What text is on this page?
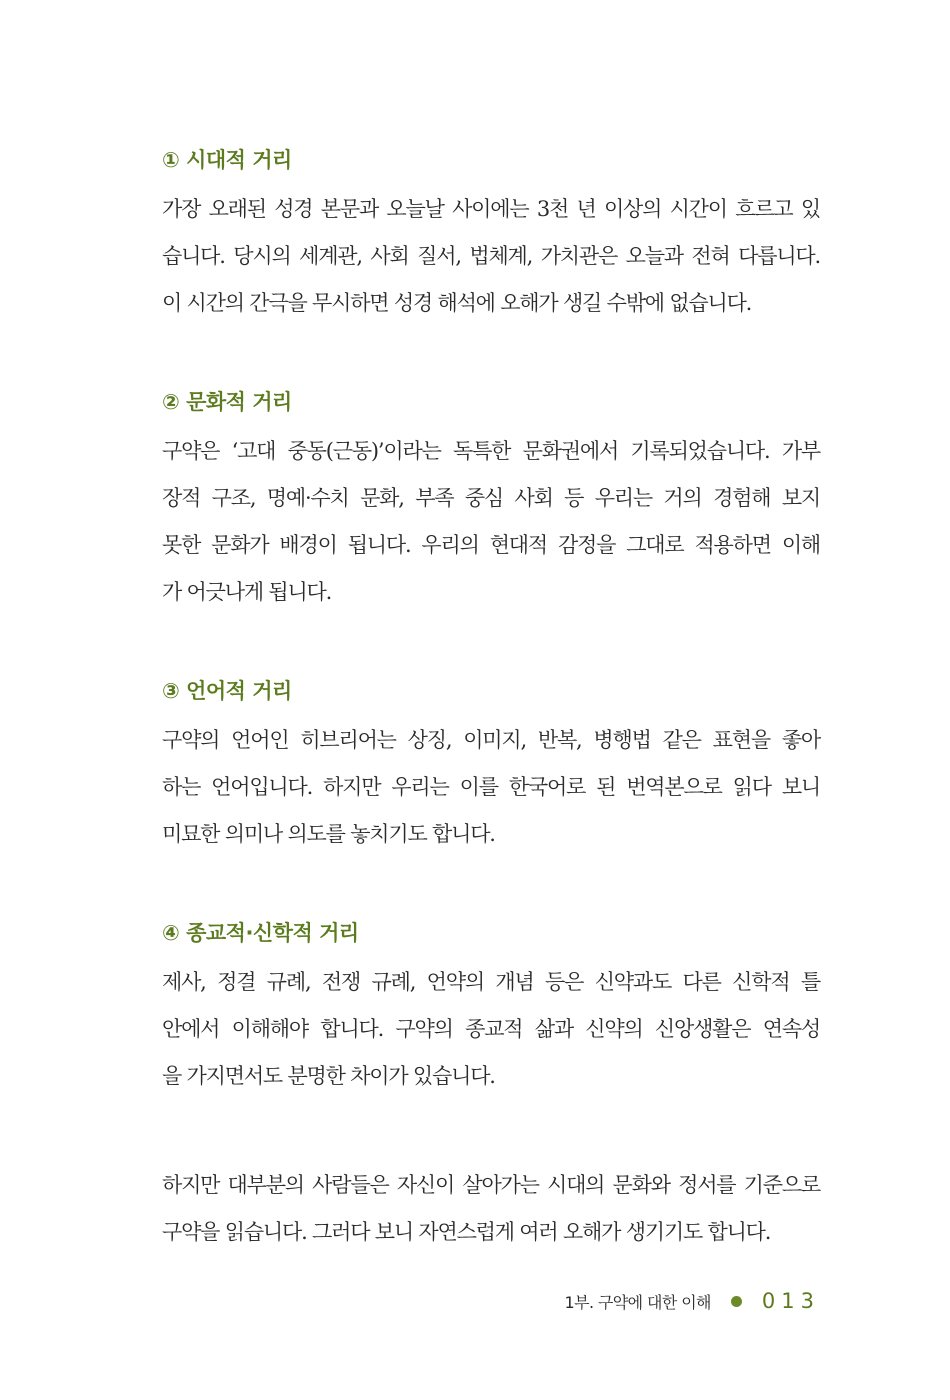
① 시대적 거리
가장 오래된 성경 본문과 오늘날 사이에는 3천 년 이상의 시간이 흐르고 있
습니다. 당시의 세계관, 사회 질서, 법체계, 가치관은 오늘과 전혀 다릅니다.
이 시간의 간극을 무시하면 성경 해석에 오해가 생길 수밖에 없습니다.
② 문화적 거리
구약은 ‘고대 중동(근동)’이라는 독특한 문화권에서 기록되었습니다. 가부
장적 구조, 명예·수치 문화, 부족 중심 사회 등 우리는 거의 경험해 보지
못한 문화가 배경이 됩니다. 우리의 현대적 감정을 그대로 적용하면 이해
가 어긋나게 됩니다.
③ 언어적 거리
구약의 언어인 히브리어는 상징, 이미지, 반복, 병행법 같은 표현을 좋아
하는 언어입니다. 하지만 우리는 이를 한국어로 된 번역본으로 읽다 보니
미묘한 의미나 의도를 놓치기도 합니다.
④ 종교적·신학적 거리
제사, 정결 규례, 전쟁 규례, 언약의 개념 등은 신약과도 다른 신학적 틀
안에서 이해해야 합니다. 구약의 종교적 삶과 신약의 신앙생활은 연속성
을 가지면서도 분명한 차이가 있습니다.
하지만 대부분의 사람들은 자신이 살아가는 시대의 문화와 정서를 기준으로
구약을 읽습니다. 그러다 보니 자연스럽게 여러 오해가 생기기도 합니다.
1부. 구약에 대한 이해 013
